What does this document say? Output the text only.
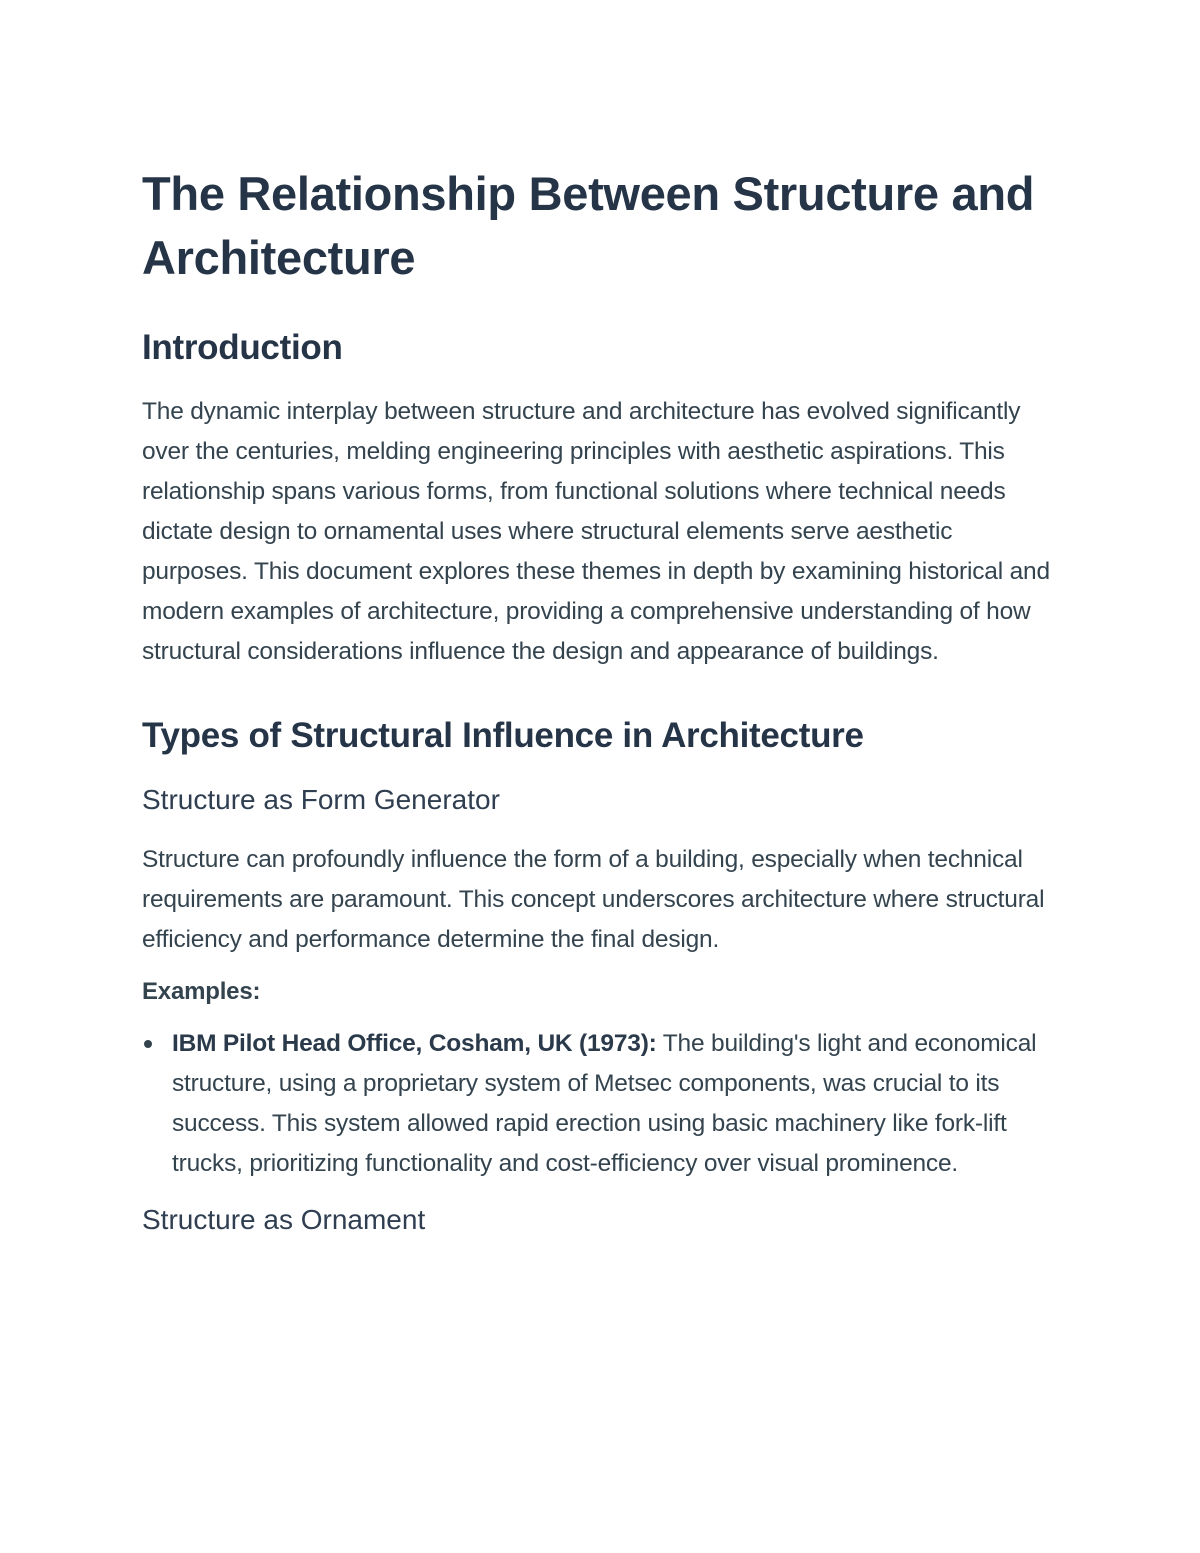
The Relationship Between Structure and Architecture
Introduction

The dynamic interplay between structure and architecture has evolved significantly over the centuries, melding engineering principles with aesthetic aspirations. This relationship spans various forms, from functional solutions where technical needs dictate design to ornamental uses where structural elements serve aesthetic purposes. This document explores these themes in depth by examining historical and modern examples of architecture, providing a comprehensive understanding of how structural considerations influence the design and appearance of buildings.

Types of Structural Influence in Architecture
Structure as Form Generator

Structure can profoundly influence the form of a building, especially when technical requirements are paramount. This concept underscores architecture where structural efficiency and performance determine the final design.

Examples:

IBM Pilot Head Office, Cosham, UK (1973): The building's light and economical structure, using a proprietary system of Metsec components, was crucial to its success. This system allowed rapid erection using basic machinery like fork-lift trucks, prioritizing functionality and cost-efficiency over visual prominence.
Structure as Ornament
